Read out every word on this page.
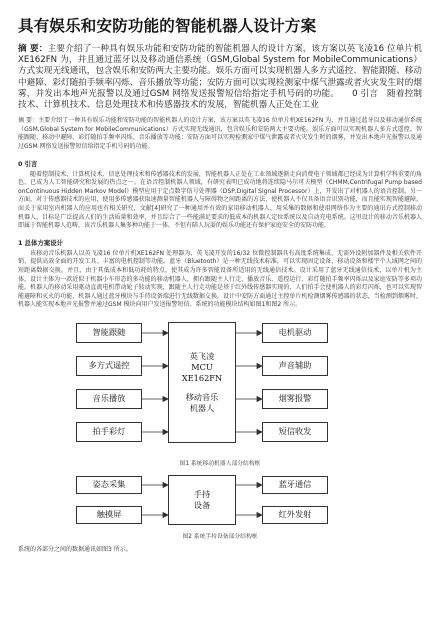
具有娱乐和安防功能的智能机器人设计方案

摘 要：主要介绍了一种具有娱乐功能和安防功能的智能机器人的设计方案，该方案以英飞凌16 位单片机XE162FN 为，并且通过蓝牙以及移动通信系统（GSM,Global System for MobileCommunications）方式实现无线通讯，包含娱乐和安防两大主要功能。娱乐方面可以实现机器人多方式遥控、智能跟随、移动中避障、彩灯随拍手频率闪烁、音乐播放等功能；安防方面可以实现检测家中煤气泄露或者火灾发生时的烟雾，并发出本地声光报警以及通过GSM 网络发送报警短信给指定手机号码的功能。 0 引言 随着控制技术、计算机技术、信息处理技术和传感器技术的发展，智能机器人正处在工业

摘 要：主要介绍了一种具有娱乐功能和安防功能的智能机器人的设计方案，该方案以英飞凌16 位单片机XE162FN 为，并且通过蓝牙以及移动通信系统（GSM,Global System for MobileCommunications）方式实现无线通讯，包含娱乐和安防两大主要功能。娱乐方面可以实现机器人多方式遥控、智能跟随、移动中避障、彩灯随拍手频率闪烁、音乐播放等功能；安防方面可以实现检测家中煤气泄露或者火灾发生时的烟雾，并发出本地声光报警以及通过GSM 网络发送报警短信给指定手机号码的功能。

0 引言

随着控制技术、计算机技术、信息处理技术和传感器技术的发展，智能机器人正处在工业领域逐渐走向消费电子领域都已经成为计算机学科重要的角色，已成为人工智能研究和发展的热点之一。在语音控制机器人领域，有研究表明已成功地将连续隐马尔可夫模型（CHMM,Centrifugal Pump based onContinuous Hidden Markov Model）模型应用于定点数字信号处理器（DSP,Digital Signal Processor）上，开发出了对机器人的语音控制。另一方面，对于传感器技术的应用，使用多传感器获取速测量智能机器人与障碍物之间距离的方法，使机器人不仅具备语音识别功能，而且能实现智能避障。而关于家用室内机器人的应用也有相关研究，文献[4]研究了一种通用并有效的家用移动机器人，用采集的数据和使用网络作为主要的通讯方式控制移动机器人，目标是广泛提高人们的生活质量和效率，并且综合了一些能满足要求的低成本的机器人定位系统以及自动充电系统。这里设计的移动音乐机器人即属于智能机器人范畴，该音乐机器人集多种功能于一体，不但有陪人玩耍的娱乐功能还有保护家庭安全的安防功能。

1 总体方案设计

该移动音乐机器人以英飞凌16 位单片机XE162FN 处理器为，英飞凌开发的16/32 位微控制器具有高度系统集成、无需外设附加器件及相关软件开销、提供高效全面的开发工具、丰富的电机控制等功能。蓝牙（Bluetooth）是一种无线技术标准，可以实现固定设备、移动设备和楼宇个人域网之间的短距离数据交换。并且，由于其低成本和低功耗的特点，使其成为许多智能设备所适用的无线通信技术。设计采用了蓝牙无线通信技术，以单片机为主体，设计主体为一款近似于机器小车形态的多功能的移动机器人，拥有跟随主人行走、播放音乐、遥控运行、彩灯随拍手频率闪烁以及家庭安防等多项功能。机器人的移动采用驱动直流电机带动轮子转动实现，跟随主人行走功能是基于红外线传感器实现的，人们拍手会使机器人的彩灯闪烁，也可以实现智能避障和灭火的功能，机器人通过蓝牙模块与手持设备端进行无线数据交换。设计中安防方面通过主控单片机检测烟雾传感器的状态，当检测到烟雾时，机器人能实现本地声光报警并通过GSM 模块向用户发送报警短信。系统的功能模块结构如图1和图2 所示。

智能跟随
多方式遥控
音乐播放
拍手彩灯
英飞凌
MCU
XE162FN
移动音乐
机器人
电机驱动
声音辅助
烟雾报警
短信收发
图1 系统移动机器人部分结构框
姿态采集
触摸屏
手持
设备
蓝牙通信
红外发射
图2 系统手持设备部分结构框
系统的各部分之间的数据通讯如图3 所示。
